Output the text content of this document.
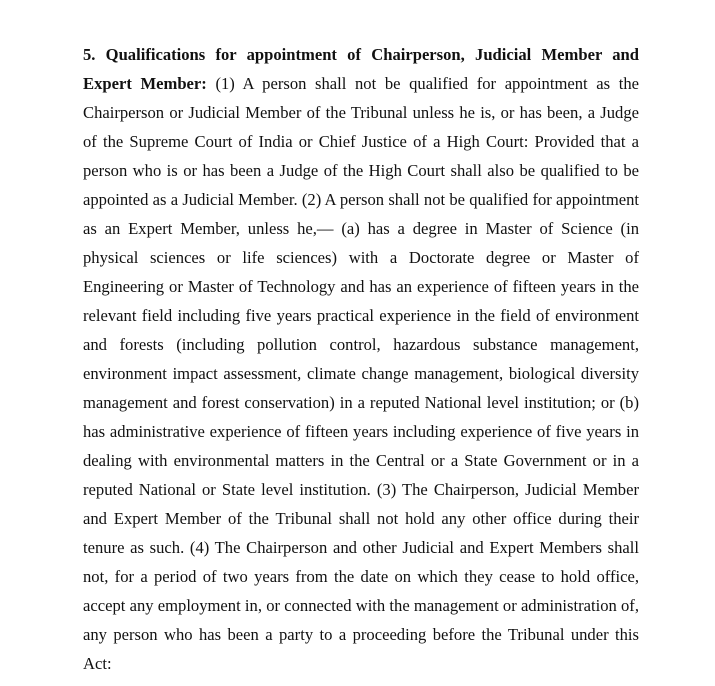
5. Qualifications for appointment of Chairperson, Judicial Member and Expert Member: (1) A person shall not be qualified for appointment as the Chairperson or Judicial Member of the Tribunal unless he is, or has been, a Judge of the Supreme Court of India or Chief Justice of a High Court: Provided that a person who is or has been a Judge of the High Court shall also be qualified to be appointed as a Judicial Member. (2) A person shall not be qualified for appointment as an Expert Member, unless he,— (a) has a degree in Master of Science (in physical sciences or life sciences) with a Doctorate degree or Master of Engineering or Master of Technology and has an experience of fifteen years in the relevant field including five years practical experience in the field of environment and forests (including pollution control, hazardous substance management, environment impact assessment, climate change management, biological diversity management and forest conservation) in a reputed National level institution; or (b) has administrative experience of fifteen years including experience of five years in dealing with environmental matters in the Central or a State Government or in a reputed National or State level institution. (3) The Chairperson, Judicial Member and Expert Member of the Tribunal shall not hold any other office during their tenure as such. (4) The Chairperson and other Judicial and Expert Members shall not, for a period of two years from the date on which they cease to hold office, accept any employment in, or connected with the management or administration of, any person who has been a party to a proceeding before the Tribunal under this Act:
